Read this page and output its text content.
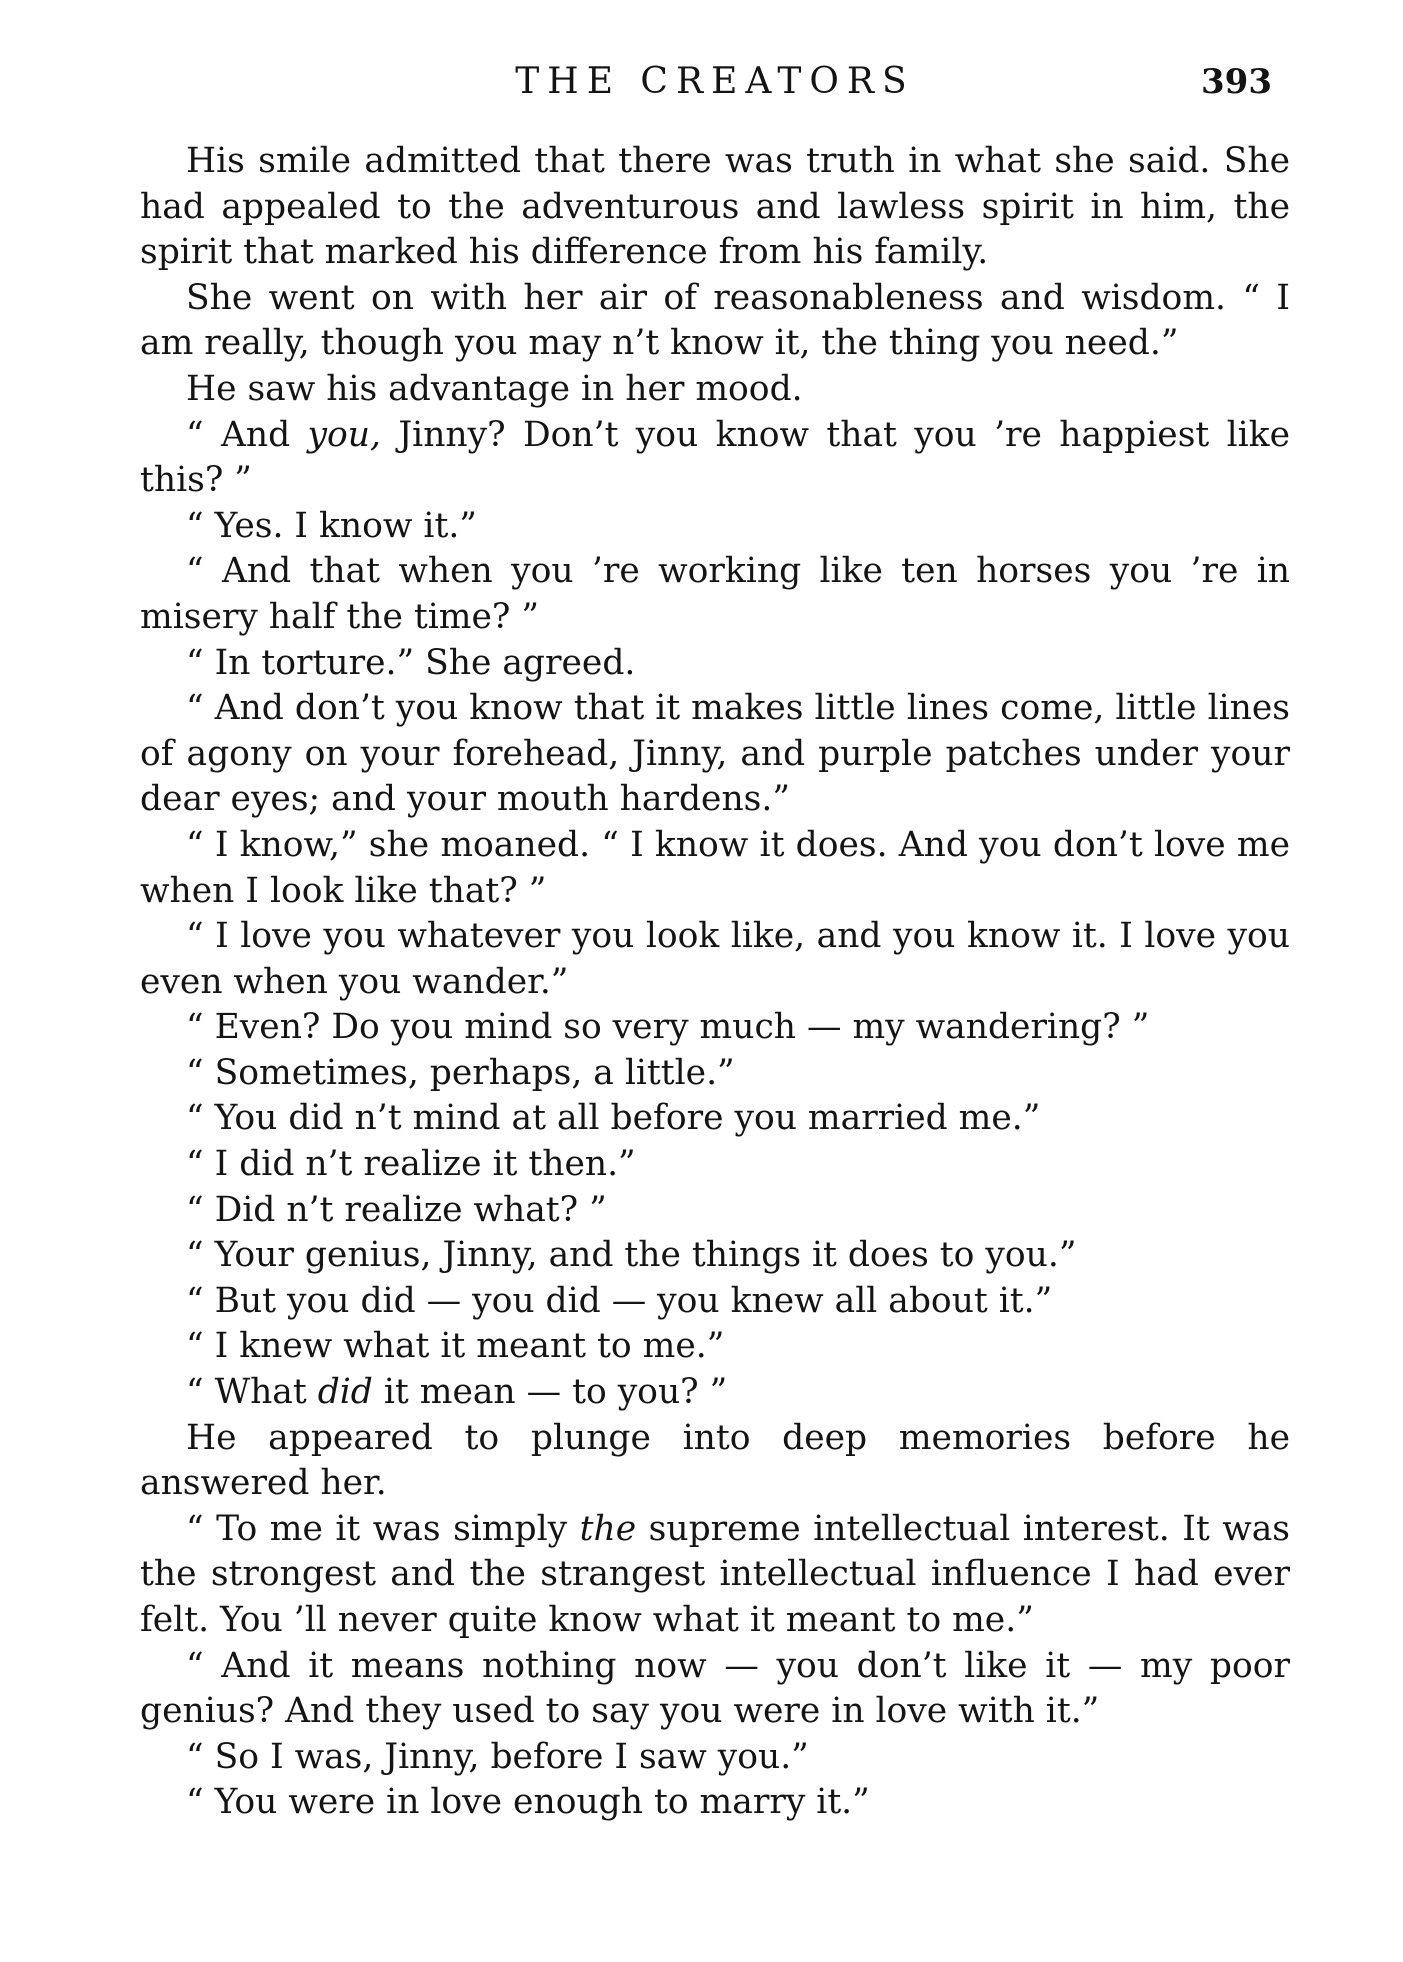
THE CREATORS	393

His smile admitted that there was truth in what she said. She had appealed to the adventurous and lawless spirit in him, the spirit that marked his difference from his family.

She went on with her air of reasonableness and wisdom. “ I am really, though you may n’t know it, the thing you need.”

He saw his advantage in her mood.

“ And you, Jinny? Don’t you know that you ’re happiest like this? ”

“ Yes. I know it.”

“ And that when you ’re working like ten horses you ’re in misery half the time? ”

“ In torture.” She agreed.

“ And don’t you know that it makes little lines come, little lines of agony on your forehead, Jinny, and purple patches under your dear eyes; and your mouth hardens.”

“ I know,” she moaned. “ I know it does. And you don’t love me when I look like that? ”

“ I love you whatever you look like, and you know it. I love you even when you wander.”

“ Even? Do you mind so very much — my wandering? ”

“ Sometimes, perhaps, a little.”

“ You did n’t mind at all before you married me.”

“ I did n’t realize it then.”

“ Did n’t realize what? ”

“ Your genius, Jinny, and the things it does to you.”

“ But you did — you did — you knew all about it.”

“ I knew what it meant to me.”

“ What did it mean — to you? ”

He appeared to plunge into deep memories before he answered her.

“ To me it was simply the supreme intellectual interest. It was the strongest and the strangest intellectual influence I had ever felt. You ’ll never quite know what it meant to me.”

“ And it means nothing now — you don’t like it — my poor genius? And they used to say you were in love with it.”

“ So I was, Jinny, before I saw you.”

“ You were in love enough to marry it.”
